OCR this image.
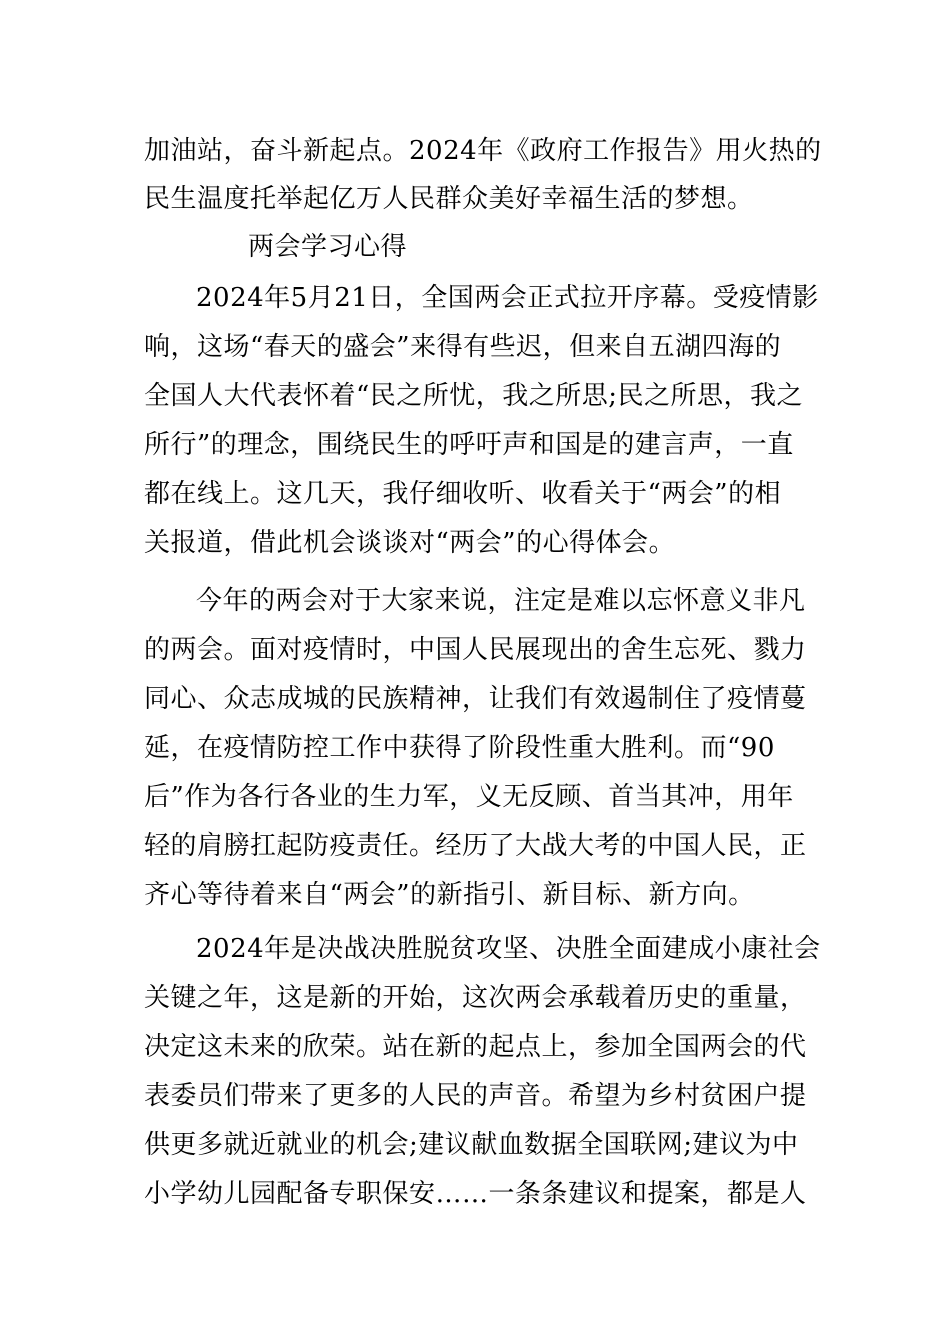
加油站，奋斗新起点。2024年《政府工作报告》用火热的
民生温度托举起亿万人民群众美好幸福生活的梦想。
两会学习心得
2024年5月21日，全国两会正式拉开序幕。受疫情影
响，这场“春天的盛会”来得有些迟，但来自五湖四海的
全国人大代表怀着“民之所忧，我之所思;民之所思，我之
所行”的理念，围绕民生的呼吁声和国是的建言声，一直
都在线上。这几天，我仔细收听、收看关于“两会”的相
关报道，借此机会谈谈对“两会”的心得体会。
今年的两会对于大家来说，注定是难以忘怀意义非凡
的两会。面对疫情时，中国人民展现出的舍生忘死、戮力
同心、众志成城的民族精神，让我们有效遏制住了疫情蔓
延，在疫情防控工作中获得了阶段性重大胜利。而“90
后”作为各行各业的生力军，义无反顾、首当其冲，用年
轻的肩膀扛起防疫责任。经历了大战大考的中国人民，正
齐心等待着来自“两会”的新指引、新目标、新方向。
2024年是决战决胜脱贫攻坚、决胜全面建成小康社会
关键之年，这是新的开始，这次两会承载着历史的重量，
决定这未来的欣荣。站在新的起点上，参加全国两会的代
表委员们带来了更多的人民的声音。希望为乡村贫困户提
供更多就近就业的机会;建议献血数据全国联网;建议为中
小学幼儿园配备专职保安……一条条建议和提案，都是人
